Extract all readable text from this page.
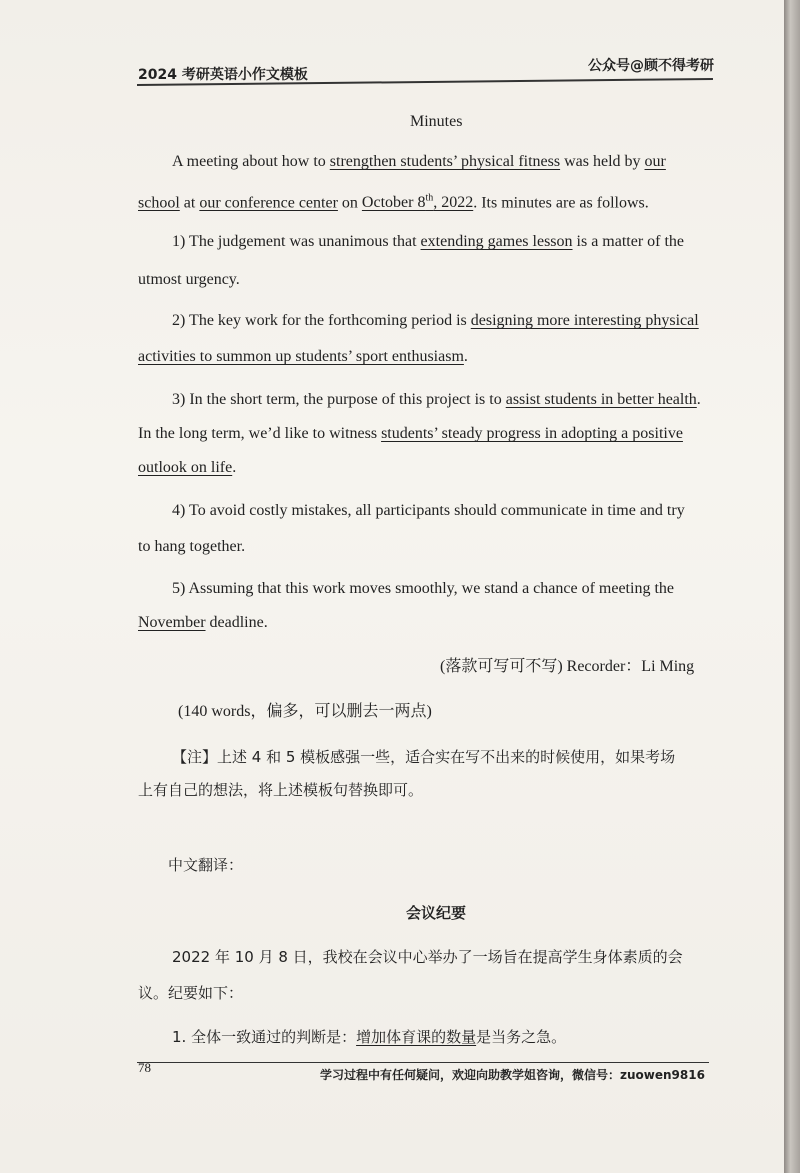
2024 考研英语小作文模板
公众号@顾不得考研
Minutes
A meeting about how to strengthen students’ physical fitness was held by our
school at our conference center on October 8th, 2022. Its minutes are as follows.
1) The judgement was unanimous that extending games lesson is a matter of the
utmost urgency.
2) The key work for the forthcoming period is designing more interesting physical
activities to summon up students’ sport enthusiasm.
3) In the short term, the purpose of this project is to assist students in better health.
In the long term, we’d like to witness students’ steady progress in adopting a positive
outlook on life.
4) To avoid costly mistakes, all participants should communicate in time and try
to hang together.
5) Assuming that this work moves smoothly, we stand a chance of meeting the
November deadline.
(落款可写可不写) Recorder：Li Ming
(140 words，偏多，可以删去一两点)
【注】上述 4 和 5 模板感强一些，适合实在写不出来的时候使用，如果考场
上有自己的想法，将上述模板句替换即可。
中文翻译：
会议纪要
2022 年 10 月 8 日，我校在会议中心举办了一场旨在提高学生身体素质的会
议。纪要如下：
1. 全体一致通过的判断是：增加体育课的数量是当务之急。
78	学习过程中有任何疑问，欢迎向助教学姐咨询，微信号：zuowen9816
